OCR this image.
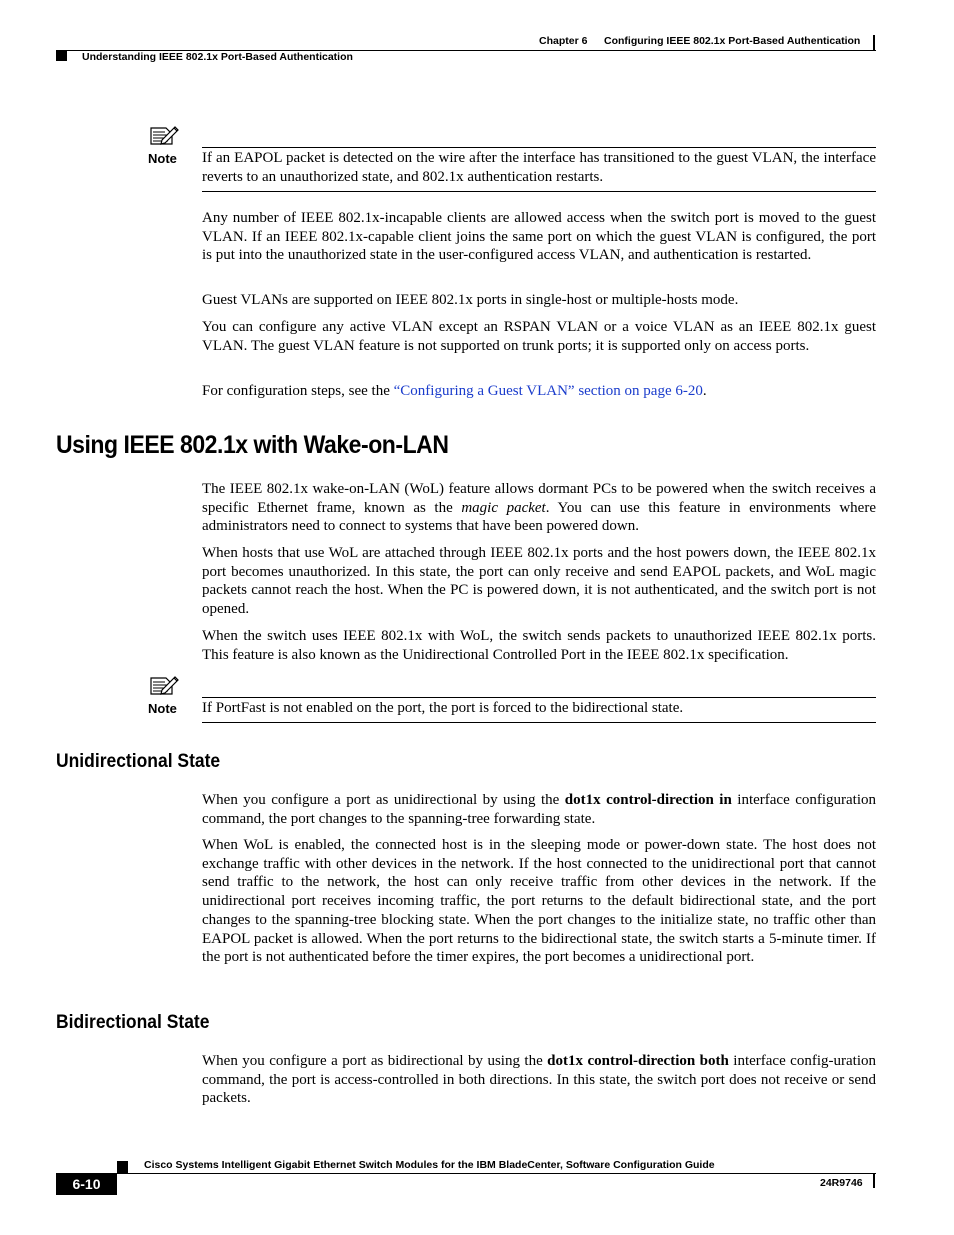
Chapter 6 Configuring IEEE 802.1x Port-Based Authentication
Understanding IEEE 802.1x Port-Based Authentication
Note If an EAPOL packet is detected on the wire after the interface has transitioned to the guest VLAN, the interface reverts to an unauthorized state, and 802.1x authentication restarts.
Any number of IEEE 802.1x-incapable clients are allowed access when the switch port is moved to the guest VLAN. If an IEEE 802.1x-capable client joins the same port on which the guest VLAN is configured, the port is put into the unauthorized state in the user-configured access VLAN, and authentication is restarted.
Guest VLANs are supported on IEEE 802.1x ports in single-host or multiple-hosts mode.
You can configure any active VLAN except an RSPAN VLAN or a voice VLAN as an IEEE 802.1x guest VLAN. The guest VLAN feature is not supported on trunk ports; it is supported only on access ports.
For configuration steps, see the “Configuring a Guest VLAN” section on page 6-20.
Using IEEE 802.1x with Wake-on-LAN
The IEEE 802.1x wake-on-LAN (WoL) feature allows dormant PCs to be powered when the switch receives a specific Ethernet frame, known as the magic packet. You can use this feature in environments where administrators need to connect to systems that have been powered down.
When hosts that use WoL are attached through IEEE 802.1x ports and the host powers down, the IEEE 802.1x port becomes unauthorized. In this state, the port can only receive and send EAPOL packets, and WoL magic packets cannot reach the host. When the PC is powered down, it is not authenticated, and the switch port is not opened.
When the switch uses IEEE 802.1x with WoL, the switch sends packets to unauthorized IEEE 802.1x ports. This feature is also known as the Unidirectional Controlled Port in the IEEE 802.1x specification.
Note If PortFast is not enabled on the port, the port is forced to the bidirectional state.
Unidirectional State
When you configure a port as unidirectional by using the dot1x control-direction in interface configuration command, the port changes to the spanning-tree forwarding state.
When WoL is enabled, the connected host is in the sleeping mode or power-down state. The host does not exchange traffic with other devices in the network. If the host connected to the unidirectional port that cannot send traffic to the network, the host can only receive traffic from other devices in the network. If the unidirectional port receives incoming traffic, the port returns to the default bidirectional state, and the port changes to the spanning-tree blocking state. When the port changes to the initialize state, no traffic other than EAPOL packet is allowed. When the port returns to the bidirectional state, the switch starts a 5-minute timer. If the port is not authenticated before the timer expires, the port becomes a unidirectional port.
Bidirectional State
When you configure a port as bidirectional by using the dot1x control-direction both interface config-uration command, the port is access-controlled in both directions. In this state, the switch port does not receive or send packets.
Cisco Systems Intelligent Gigabit Ethernet Switch Modules for the IBM BladeCenter, Software Configuration Guide
6-10	24R9746
